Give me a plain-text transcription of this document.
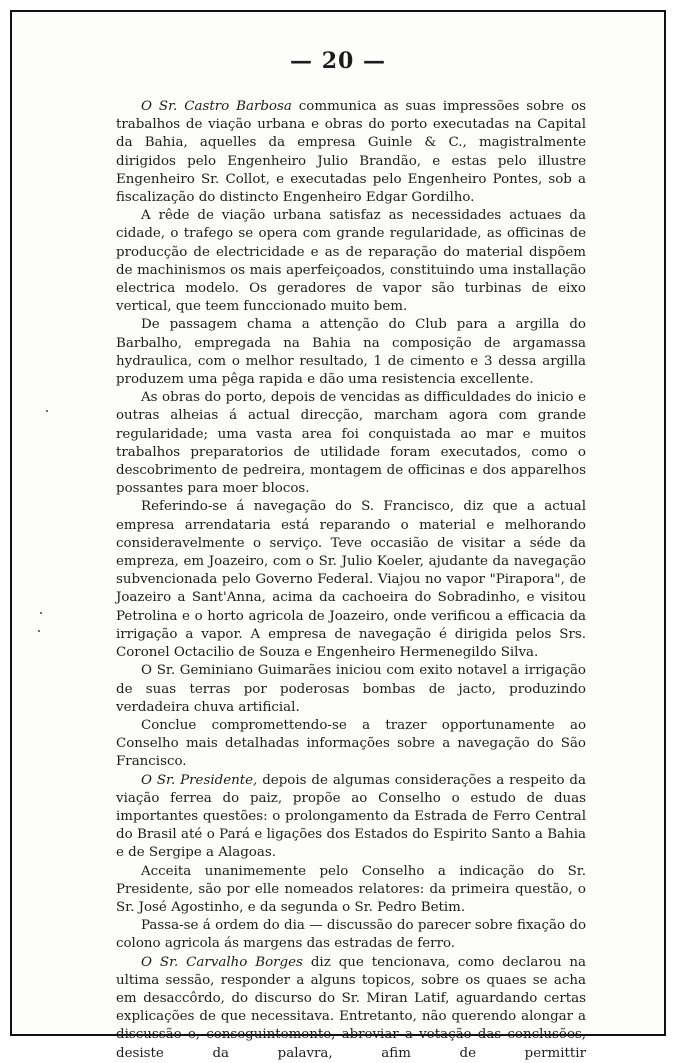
— 20 —

O Sr. Castro Barbosa communica as suas impressões sobre os trabalhos de viação urbana e obras do porto executadas na Capital da Bahia, aquelles da empresa Guinle & C., magistralmente dirigidos pelo Engenheiro Julio Brandão, e estas pelo illustre Engenheiro Sr. Collot, e executadas pelo Engenheiro Pontes, sob a fiscalização do distincto Engenheiro Edgar Gordilho.

A rêde de viação urbana satisfaz as necessidades actuaes da cidade, o trafego se opera com grande regularidade, as officinas de producção de electricidade e as de reparação do material dispõem de machinismos os mais aperfeiçoados, constituindo uma installação electrica modelo. Os geradores de vapor são turbinas de eixo vertical, que teem funccionado muito bem.

De passagem chama a attenção do Club para a argilla do Barbalho, empregada na Bahia na composição de argamassa hydraulica, com o melhor resultado, 1 de cimento e 3 dessa argilla produzem uma pêga rapida e dão uma resistencia excellente.

As obras do porto, depois de vencidas as difficuldades do inicio e outras alheias á actual direcção, marcham agora com grande regularidade; uma vasta area foi conquistada ao mar e muitos trabalhos preparatorios de utilidade foram executados, como o descobrimento de pedreira, montagem de officinas e dos apparelhos possantes para moer blocos.

Referindo-se á navegação do S. Francisco, diz que a actual empresa arrendataria está reparando o material e melhorando consideravelmente o serviço. Teve occasião de visitar a séde da empreza, em Joazeiro, com o Sr. Julio Koeler, ajudante da navegação subvencionada pelo Governo Federal. Viajou no vapor "Pirapora", de Joazeiro a Sant'Anna, acima da cachoeira do Sobradinho, e visitou Petrolina e o horto agricola de Joazeiro, onde verificou a efficacia da irrigação a vapor. A empresa de navegação é dirigida pelos Srs. Coronel Octacilio de Souza e Engenheiro Hermenegildo Silva.

O Sr. Geminiano Guimarães iniciou com exito notavel a irrigação de suas terras por poderosas bombas de jacto, produzindo verdadeira chuva artificial.

Conclue compromettendo-se a trazer opportunamente ao Conselho mais detalhadas informações sobre a navegação do São Francisco.

O Sr. Presidente, depois de algumas considerações a respeito da viação ferrea do paiz, propõe ao Conselho o estudo de duas importantes questões: o prolongamento da Estrada de Ferro Central do Brasil até o Pará e ligações dos Estados do Espirito Santo a Bahia e de Sergipe a Alagoas.

Acceita unanimemente pelo Conselho a indicação do Sr. Presidente, são por elle nomeados relatores: da primeira questão, o Sr. José Agostinho, e da segunda o Sr. Pedro Betim.

Passa-se á ordem do dia — discussão do parecer sobre fixação do colono agricola ás margens das estradas de ferro.

O Sr. Carvalho Borges diz que tencionava, como declarou na ultima sessão, responder a alguns topicos, sobre os quaes se acha em desaccôrdo, do discurso do Sr. Miran Latif, aguardando certas explicações de que necessitava. Entretanto, não querendo alongar a discussão e, conseguintemente, abreviar a votação das conclusões, desiste da palavra, afim de permittir
